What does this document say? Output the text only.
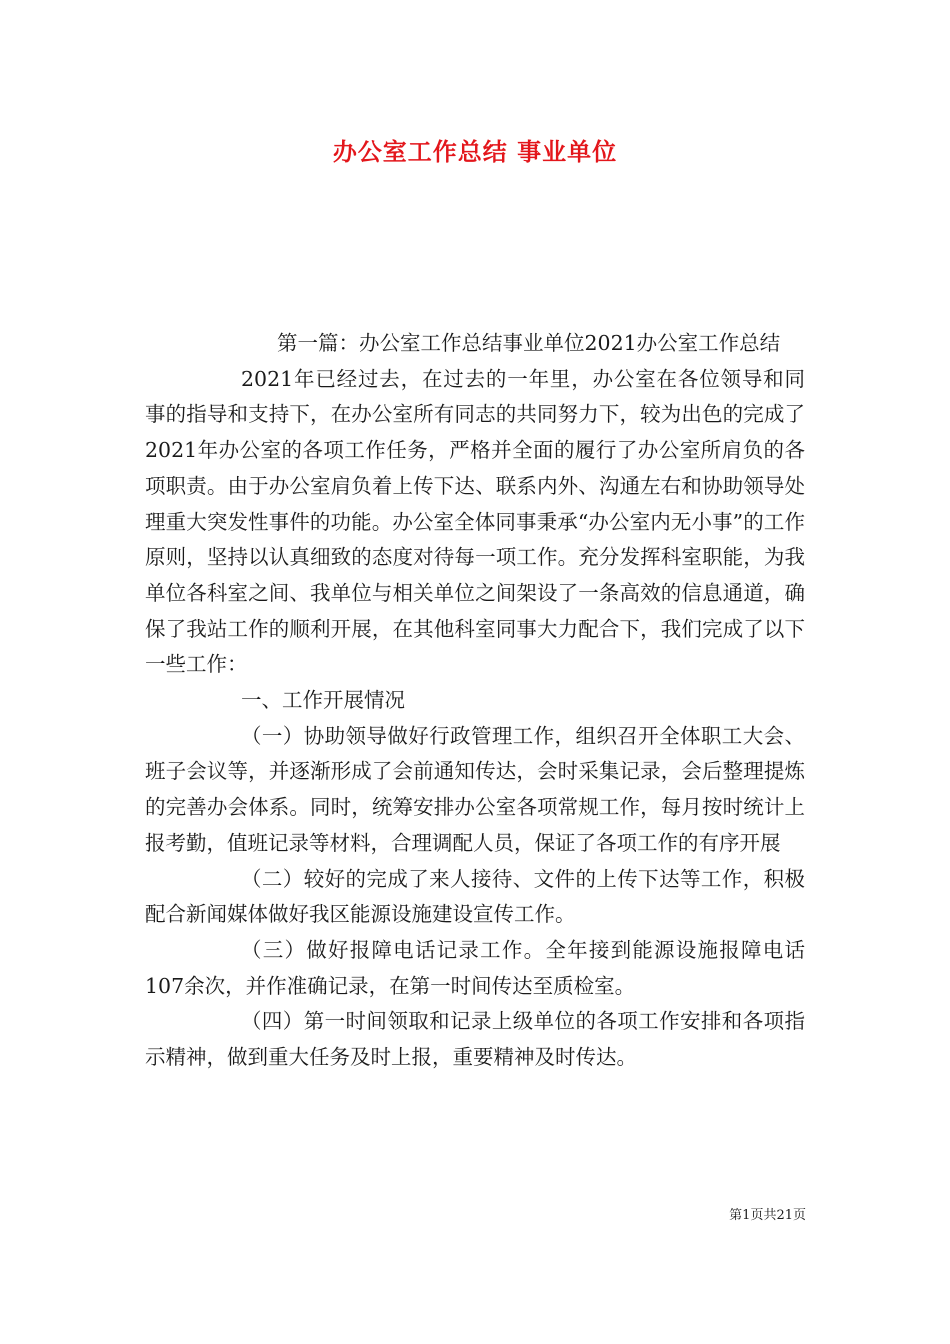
办公室工作总结 事业单位

第一篇：办公室工作总结事业单位2021办公室工作总结

2021年已经过去，在过去的一年里，办公室在各位领导和同事的指导和支持下，在办公室所有同志的共同努力下，较为出色的完成了2021年办公室的各项工作任务，严格并全面的履行了办公室所肩负的各项职责。由于办公室肩负着上传下达、联系内外、沟通左右和协助领导处理重大突发性事件的功能。办公室全体同事秉承“办公室内无小事”的工作原则，坚持以认真细致的态度对待每一项工作。充分发挥科室职能，为我单位各科室之间、我单位与相关单位之间架设了一条高效的信息通道，确保了我站工作的顺利开展，在其他科室同事大力配合下，我们完成了以下一些工作：

一、工作开展情况

（一）协助领导做好行政管理工作，组织召开全体职工大会、班子会议等，并逐渐形成了会前通知传达，会时采集记录，会后整理提炼的完善办会体系。同时，统筹安排办公室各项常规工作，每月按时统计上报考勤，值班记录等材料，合理调配人员，保证了各项工作的有序开展

（二）较好的完成了来人接待、文件的上传下达等工作，积极配合新闻媒体做好我区能源设施建设宣传工作。

（三）做好报障电话记录工作。全年接到能源设施报障电话107余次，并作准确记录，在第一时间传达至质检室。

（四）第一时间领取和记录上级单位的各项工作安排和各项指示精神，做到重大任务及时上报，重要精神及时传达。

第1页共21页
